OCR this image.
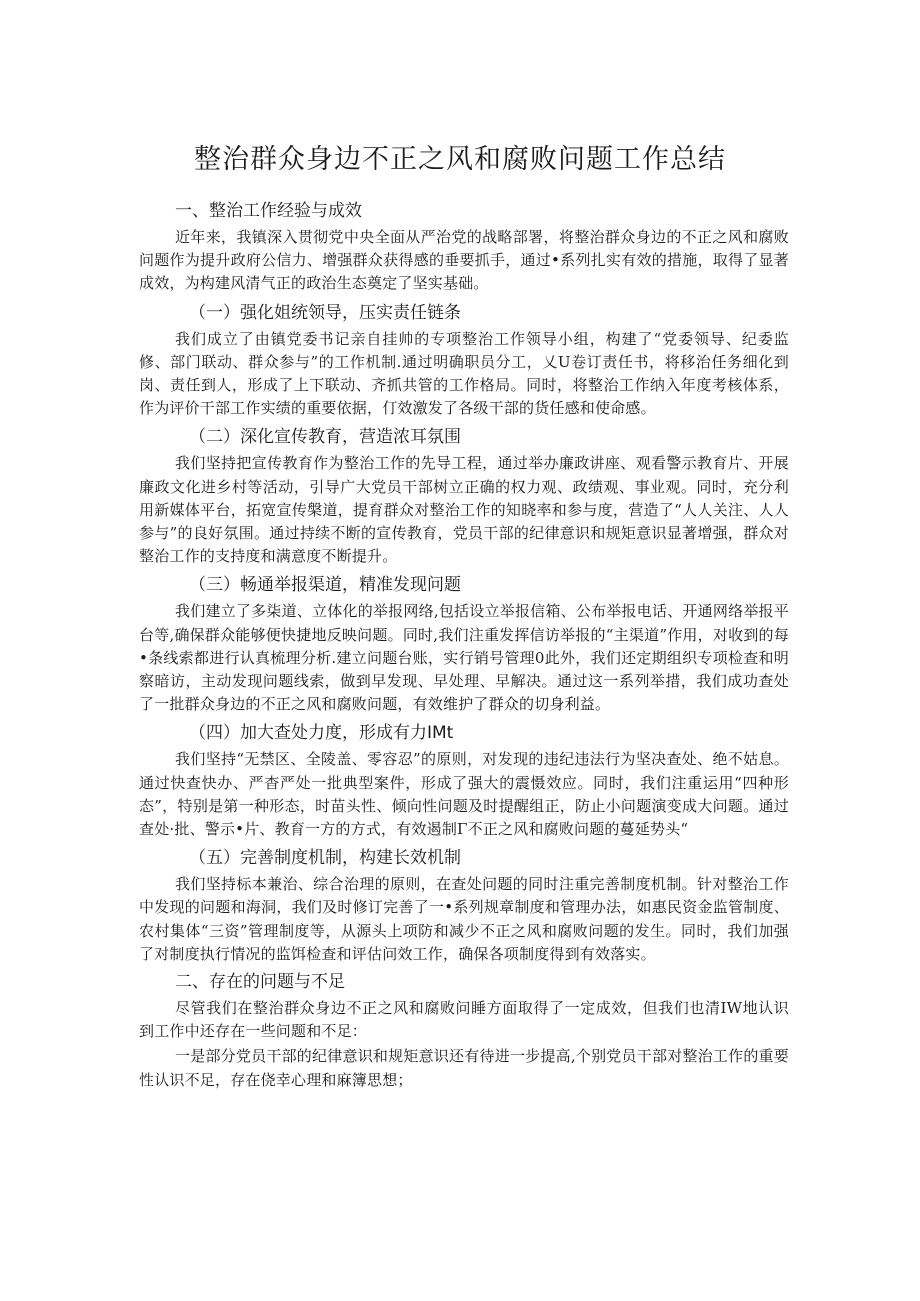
整治群众身边不正之风和腐败问题工作总结

一、整治工作经验与成效

近年来，我镇深入贯彻党中央全面从严治党的战略部署，将整治群众身边的不正之风和腐败问题作为提升政府公信力、增强群众获得感的垂要抓手，通过•系列扎实有效的措施，取得了显著成效，为构建风清气正的政治生态奠定了坚实基础。

（一）强化姐统领导，压实责任链条

我们成立了由镇党委书记亲自挂帅的专项整治工作领导小组，构建了“党委领导、纪委监修、部门联动、群众参与”的工作机制.通过明确职员分工，乂U卷订责任书，将移治任务细化到岗、责任到人，形成了上下联动、齐抓共管的工作格局。同时，将整治工作纳入年度考核体系，作为评价干部工作实绩的重要依据，仃效激发了各级干部的货任感和使命感。

（二）深化宣传教育，营造浓耳氛围

我们坚持把宣传教育作为整治工作的先导工程，通过举办廉政讲座、观看警示教育片、开展廉政文化进乡村等活动，引导广大党员干部树立正确的权力观、政绩观、事业观。同时，充分利用新媒体平台，拓宽宣传槃道，提育群众对整治工作的知晓率和参与度，营造了“人人关注、人人参与”的良好氛围。通过持续不断的宣传教育，党员干部的纪律意识和规矩意识显著增强，群众对整治工作的支持度和满意度不断提升。

（三）畅通举报渠道，精准发现问题

我们建立了多柒道、立体化的举报网络,包括设立举报信箱、公布举报电话、开通网络举报平台等,确保群众能够便快捷地反映问题。同时,我们注重发挥信访举报的“主渠道”作用，对收到的每•条线索都进行认真梳理分析.建立问题台账，实行销号管理0此外，我们还定期组织专项检查和明察暗访，主动发现问题线索，做到早发现、早处理、早解决。通过这一系列举措，我们成功查处了一批群众身边的不正之风和腐败问题，有效维护了群众的切身利益。

（四）加大查处力度，形成有力IMt

我们坚持“无禁区、全陵盖、零容忍”的原则，对发现的违纪违法行为坚决查处、绝不姑息。通过快查快办、严杳严处一批典型案件，形成了强大的震慑效应。同时，我们注重运用“四种形态”，特别是第一种形态，时苗头性、倾向性问题及时提醒组正，防止小问题演变成大问题。通过查处·批、警示•片、教育一方的方式，有效遏制Γ不正之风和腐败问题的蔓延势头“

（五）完善制度机制，构建长效机制

我们坚持标本兼治、综合治理的原则，在查处问题的同时注重完善制度机制。针对整治工作中发现的问题和海洞，我们及时修订完善了一•系列规章制度和管理办法，如惠民资金监管制度、农村集体“三资”管理制度等，从源头上项防和减少不正之风和腐败问题的发生。同时，我们加强了对制度执行情况的监饵检查和评估问效工作，确保各项制度得到有效落实。

二、存在的问题与不足

尽管我们在整治群众身边不正之风和腐败问睡方面取得了一定成效，但我们也清IW地认识到工作中还存在一些问题和不足：

一是部分党员干部的纪律意识和规矩意识还有待进一步提高,个别党员干部对整治工作的重要性认识不足，存在侥幸心理和麻簿思想；
